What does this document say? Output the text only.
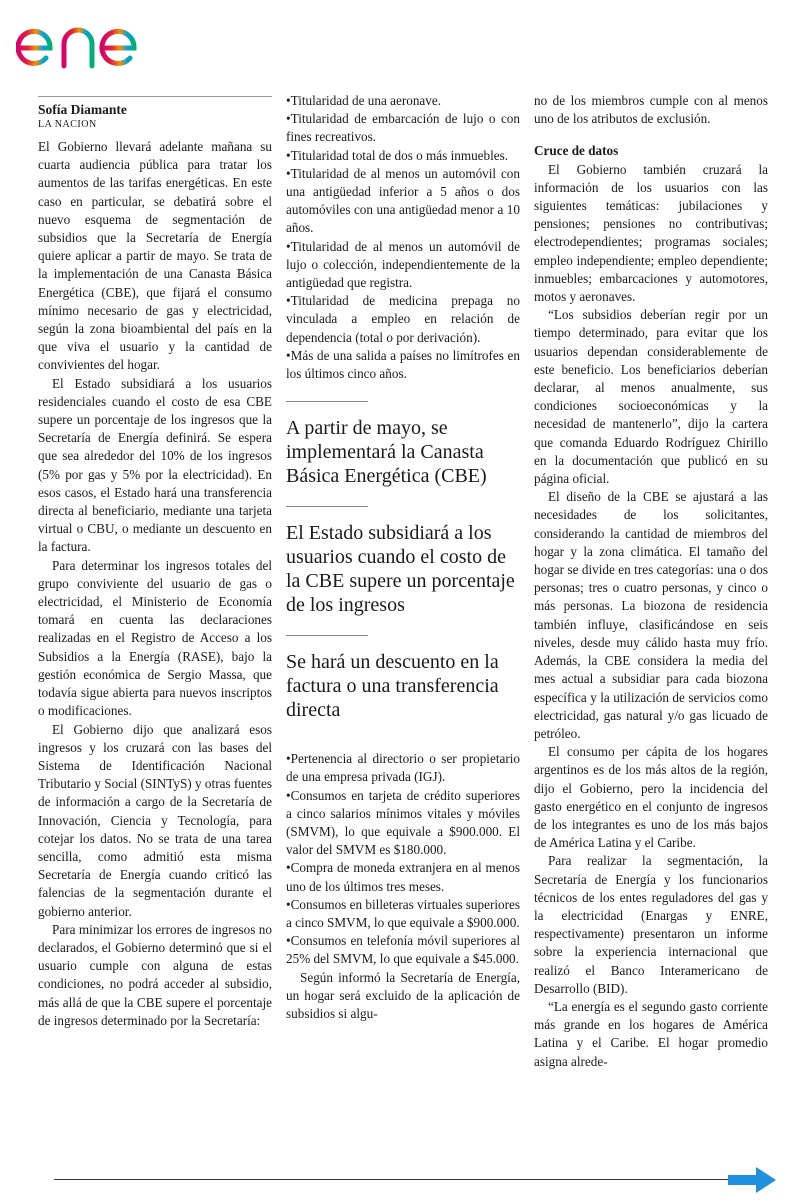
Sofía Diamante
LA NACION

El Gobierno llevará adelante mañana su cuarta audiencia pública para tratar los aumentos de las tarifas energéticas. En este caso en particular, se debatirá sobre el nuevo esquema de segmentación de subsidios que la Secretaría de Energía quiere aplicar a partir de mayo. Se trata de la implementación de una Canasta Básica Energética (CBE), que fijará el consumo mínimo necesario de gas y electricidad, según la zona bioambiental del país en la que viva el usuario y la cantidad de convivientes del hogar.

El Estado subsidiará a los usuarios residenciales cuando el costo de esa CBE supere un porcentaje de los ingresos que la Secretaría de Energía definirá. Se espera que sea alrededor del 10% de los ingresos (5% por gas y 5% por la electricidad). En esos casos, el Estado hará una transferencia directa al beneficiario, mediante una tarjeta virtual o CBU, o mediante un descuento en la factura.

Para determinar los ingresos totales del grupo conviviente del usuario de gas o electricidad, el Ministerio de Economía tomará en cuenta las declaraciones realizadas en el Registro de Acceso a los Subsidios a la Energía (RASE), bajo la gestión económica de Sergio Massa, que todavía sigue abierta para nuevos inscriptos o modificaciones.

El Gobierno dijo que analizará esos ingresos y los cruzará con las bases del Sistema de Identificación Nacional Tributario y Social (SINTyS) y otras fuentes de información a cargo de la Secretaría de Innovación, Ciencia y Tecnología, para cotejar los datos. No se trata de una tarea sencilla, como admitió esta misma Secretaría de Energía cuando criticó las falencias de la segmentación durante el gobierno anterior.

Para minimizar los errores de ingresos no declarados, el Gobierno determinó que si el usuario cumple con alguna de estas condiciones, no podrá acceder al subsidio, más allá de que la CBE supere el porcentaje de ingresos determinado por la Secretaría:

• Titularidad de una aeronave.
• Titularidad de embarcación de lujo o con fines recreativos.
• Titularidad total de dos o más inmuebles.
• Titularidad de al menos un automóvil con una antigüedad inferior a 5 años o dos automóviles con una antigüedad menor a 10 años.
• Titularidad de al menos un automóvil de lujo o colección, independientemente de la antigüedad que registra.
• Titularidad de medicina prepaga no vinculada a empleo en relación de dependencia (total o por derivación).
• Más de una salida a países no limítrofes en los últimos cinco años.

A partir de mayo, se implementará la Canasta Básica Energética (CBE)

El Estado subsidiará a los usuarios cuando el costo de la CBE supere un porcentaje de los ingresos

Se hará un descuento en la factura o una transferencia directa

• Pertenencia al directorio o ser propietario de una empresa privada (IGJ).
• Consumos en tarjeta de crédito superiores a cinco salarios mínimos vitales y móviles (SMVM), lo que equivale a $900.000. El valor del SMVM es $180.000.
• Compra de moneda extranjera en al menos uno de los últimos tres meses.
• Consumos en billeteras virtuales superiores a cinco SMVM, lo que equivale a $900.000.
• Consumos en telefonía móvil superiores al 25% del SMVM, lo que equivale a $45.000.

Según informó la Secretaría de Energía, un hogar será excluido de la aplicación de subsidios si algu-

no de los miembros cumple con al menos uno de los atributos de exclusión.

Cruce de datos

El Gobierno también cruzará la información de los usuarios con las siguientes temáticas: jubilaciones y pensiones; pensiones no contributivas; electrodependientes; programas sociales; empleo independiente; empleo dependiente; inmuebles; embarcaciones y automotores, motos y aeronaves.

“Los subsidios deberían regir por un tiempo determinado, para evitar que los usuarios dependan considerablemente de este beneficio. Los beneficiarios deberían declarar, al menos anualmente, sus condiciones socioeconómicas y la necesidad de mantenerlo”, dijo la cartera que comanda Eduardo Rodríguez Chirillo en la documentación que publicó en su página oficial.

El diseño de la CBE se ajustará a las necesidades de los solicitantes, considerando la cantidad de miembros del hogar y la zona climática. El tamaño del hogar se divide en tres categorías: una o dos personas; tres o cuatro personas, y cinco o más personas. La biozona de residencia también influye, clasificándose en seis niveles, desde muy cálido hasta muy frío. Además, la CBE considera la media del mes actual a subsidiar para cada biozona específica y la utilización de servicios como electricidad, gas natural y/o gas licuado de petróleo.

El consumo per cápita de los hogares argentinos es de los más altos de la región, dijo el Gobierno, pero la incidencia del gasto energético en el conjunto de ingresos de los integrantes es uno de los más bajos de América Latina y el Caribe.

Para realizar la segmentación, la Secretaría de Energía y los funcionarios técnicos de los entes reguladores del gas y la electricidad (Enargas y ENRE, respectivamente) presentaron un informe sobre la experiencia internacional que realizó el Banco Interamericano de Desarrollo (BID).

“La energía es el segundo gasto corriente más grande en los hogares de América Latina y el Caribe. El hogar promedio asigna alrede-
